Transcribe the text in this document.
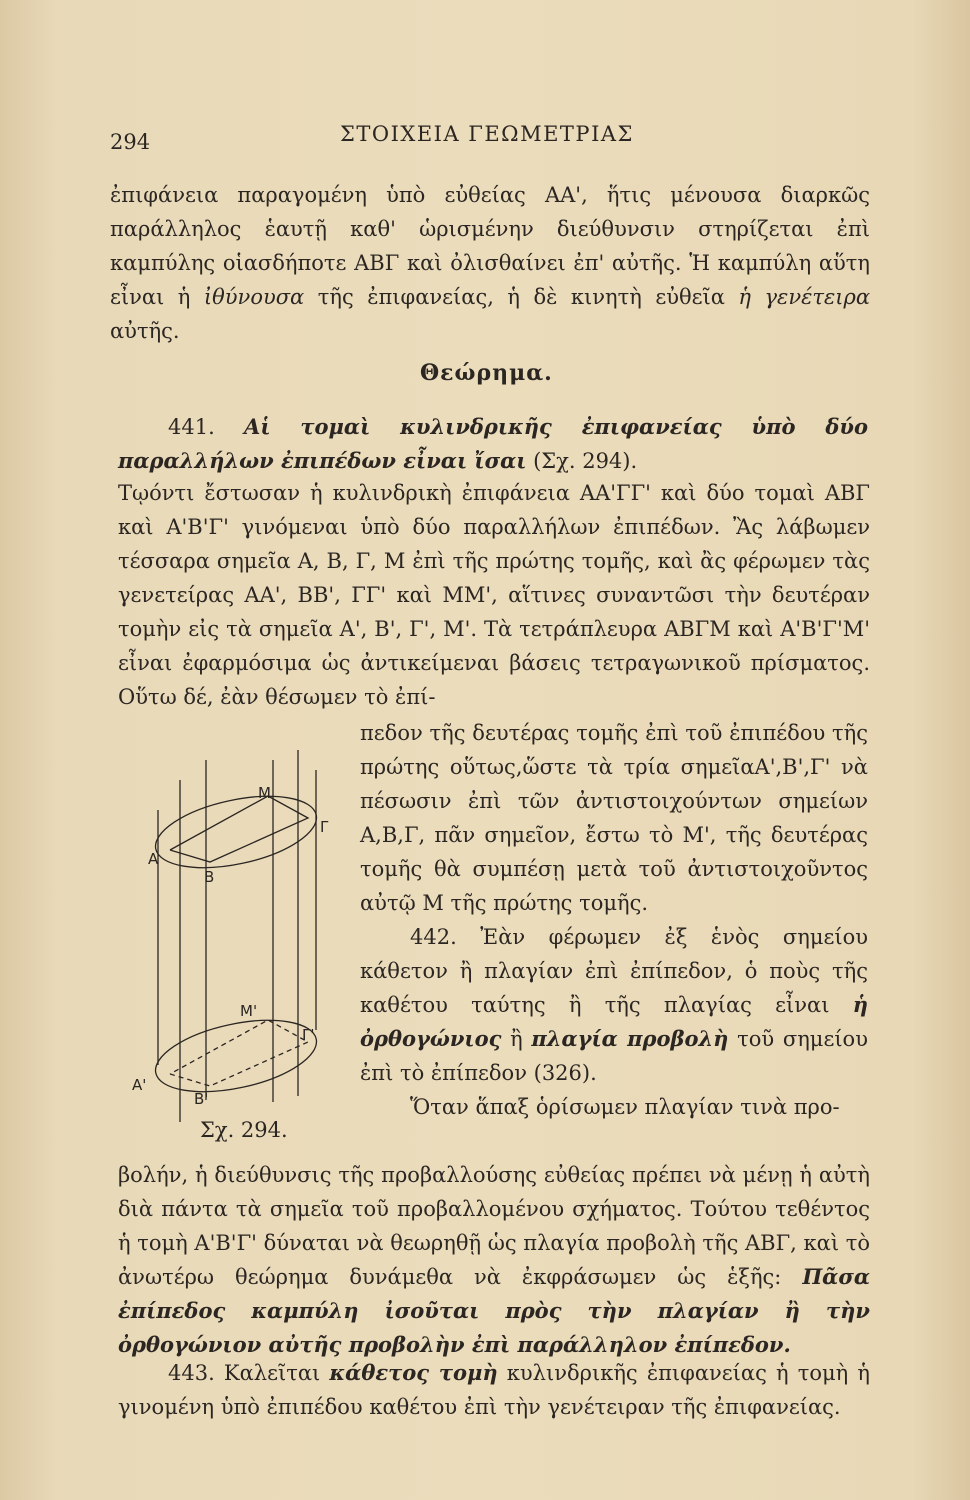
294	ΣΤΟΙΧΕΙΑ ΓΕΩΜΕΤΡΙΑΣ

ἐπιφάνεια παραγομένη ὑπὸ εὐθείας ΑΑ', ἥτις μένουσα διαρκῶς παράλληλος ἑαυτῇ καθ' ὡρισμένην διεύθυνσιν στηρίζεται ἐπὶ καμπύλης οἱασδήποτε ΑΒΓ καὶ ὀλισθαίνει ἐπ' αὐτῆς. Ἡ καμπύλη αὕτη εἶναι ἡ ἰθύνουσα τῆς ἐπιφανείας, ἡ δὲ κινητὴ εὐθεῖα ἡ γενέτειρα αὐτῆς.

Θεώρημα.

441. Αἱ τομαὶ κυλινδρικῆς ἐπιφανείας ὑπὸ δύο παραλλήλων ἐπιπέδων εἶναι ἴσαι (Σχ. 294).

Τῳόντι ἔστωσαν ἡ κυλινδρικὴ ἐπιφάνεια ΑΑ'ΓΓ' καὶ δύο τομαὶ ΑΒΓ καὶ Α'Β'Γ' γινόμεναι ὑπὸ δύο παραλλήλων ἐπιπέδων. Ἂς λάβωμεν τέσσαρα σημεῖα Α, Β, Γ, Μ ἐπὶ τῆς πρώτης τομῆς, καὶ ἂς φέρωμεν τὰς γενετείρας ΑΑ', ΒΒ', ΓΓ' καὶ ΜΜ', αἵτινες συναντῶσι τὴν δευτέραν τομὴν εἰς τὰ σημεῖα Α', Β', Γ', Μ'. Τὰ τετράπλευρα ΑΒΓΜ καὶ Α'Β'Γ'Μ' εἶναι ἐφαρμόσιμα ὡς ἀντικείμεναι βάσεις τετραγωνικοῦ πρίσματος. Οὕτω δέ, ἐὰν θέσωμεν τὸ ἐπί-

πεδον τῆς δευτέρας τομῆς ἐπὶ τοῦ ἐπιπέδου τῆς πρώτης οὕτως,ὥστε τὰ τρία σημεῖαΑ',Β',Γ' νὰ πέσωσιν ἐπὶ τῶν ἀντιστοιχούντων σημείων Α,Β,Γ, πᾶν σημεῖον, ἔστω τὸ Μ', τῆς δευτέρας τομῆς θὰ συμπέσῃ μετὰ τοῦ ἀντιστοιχοῦντος αὐτῷ Μ τῆς πρώτης τομῆς.

442. Ἐὰν φέρωμεν ἐξ ἑνὸς σημείου κάθετον ἢ πλαγίαν ἐπὶ ἐπίπεδον, ὁ ποὺς τῆς καθέτου ταύτης ἢ τῆς πλαγίας εἶναι ἡ ὀρθογώνιος ἢ πλαγία προβολὴ τοῦ σημείου ἐπὶ τὸ ἐπίπεδον (326).

Α
Β
Γ
Μ
Α'
Β'
Γ'
Μ'
Σχ. 294.

Ὅταν ἅπαξ ὁρίσωμεν πλαγίαν τινὰ προ-

βολήν, ἡ διεύθυνσις τῆς προβαλλούσης εὐθείας πρέπει νὰ μένῃ ἡ αὐτὴ διὰ πάντα τὰ σημεῖα τοῦ προβαλλομένου σχήματος. Τούτου τεθέντος ἡ τομὴ Α'Β'Γ' δύναται νὰ θεωρηθῇ ὡς πλαγία προβολὴ τῆς ΑΒΓ, καὶ τὸ ἀνωτέρω θεώρημα δυνάμεθα νὰ ἐκφράσωμεν ὡς ἑξῆς: Πᾶσα ἐπίπεδος καμπύλη ἰσοῦται πρὸς τὴν πλαγίαν ἢ τὴν ὀρθογώνιον αὐτῆς προβολὴν ἐπὶ παράλληλον ἐπίπεδον.

443. Καλεῖται κάθετος τομὴ κυλινδρικῆς ἐπιφανείας ἡ τομὴ ἡ γινομένη ὑπὸ ἐπιπέδου καθέτου ἐπὶ τὴν γενέτειραν τῆς ἐπιφανείας.
